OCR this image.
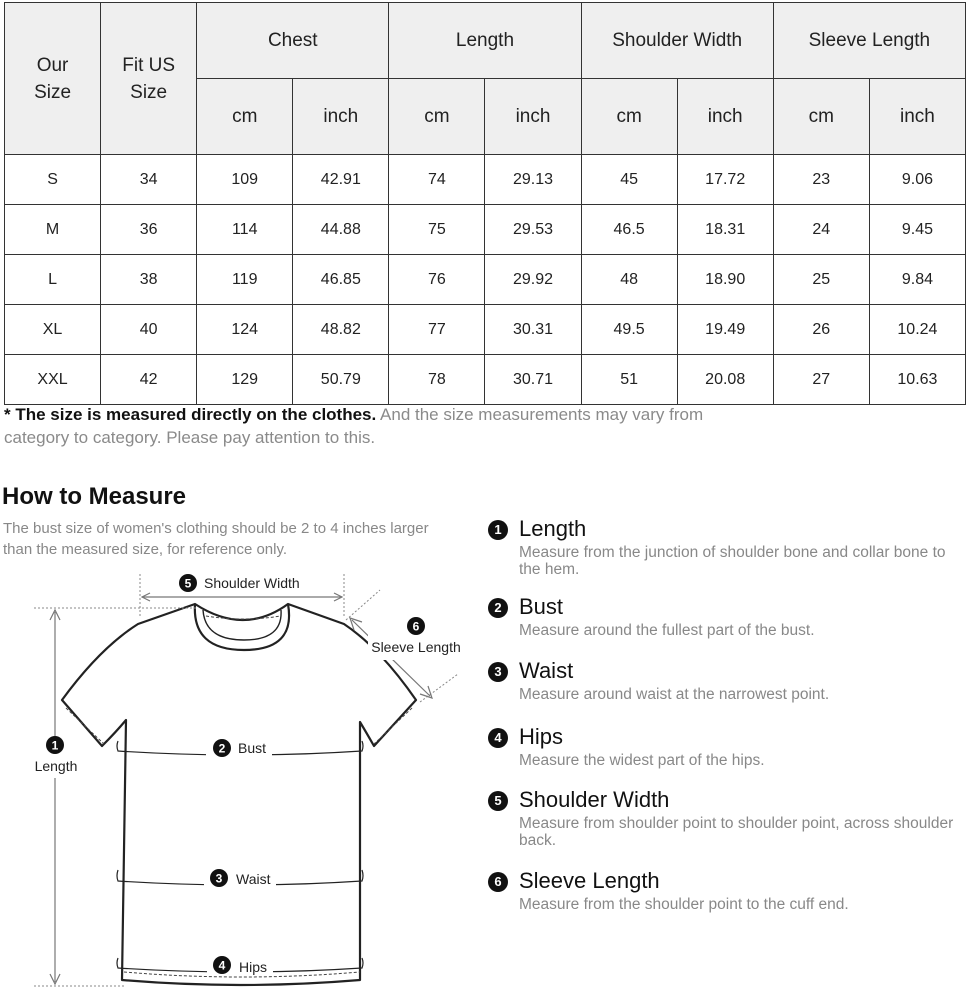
Our Size	Fit US Size	Chest		Length		Shoulder Width		Sleeve Length	
		cm	inch	cm	inch	cm	inch	cm	inch
S	34	109	42.91	74	29.13	45	17.72	23	9.06
M	36	114	44.88	75	29.53	46.5	18.31	24	9.45
L	38	119	46.85	76	29.92	48	18.90	25	9.84
XL	40	124	48.82	77	30.31	49.5	19.49	26	10.24
XXL	42	129	50.79	78	30.71	51	20.08	27	10.63
* The size is measured directly on the clothes. And the size measurements may vary from category to category. Please pay attention to this.
How to Measure
The bust size of women's clothing should be 2 to 4 inches larger than the measured size, for reference only.
1
Length
5 Shoulder Width
6
Sleeve Length
2 Bust
3 Waist
4 Hips
1 Length
Measure from the junction of shoulder bone and collar bone to the hem.
2 Bust
Measure around the fullest part of the bust.
3 Waist
Measure around waist at the narrowest point.
4 Hips
Measure the widest part of the hips.
5 Shoulder Width
Measure from shoulder point to shoulder point, across shoulder back.
6 Sleeve Length
Measure from the shoulder point to the cuff end.
